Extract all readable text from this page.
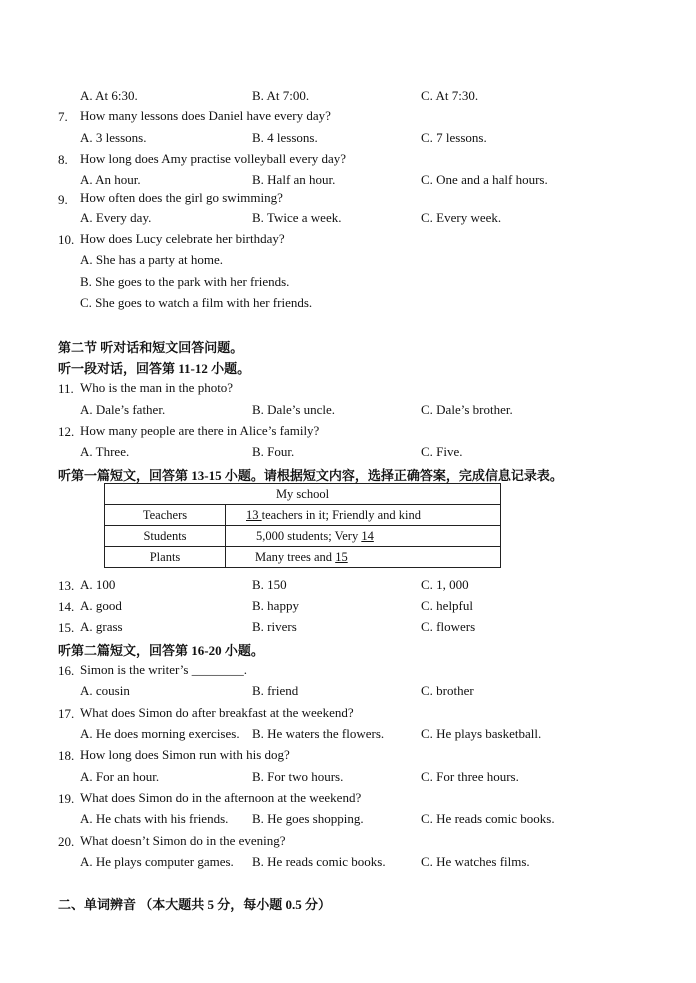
A. At 6:30.	B. At 7:00.	C. At 7:30.
7. How many lessons does Daniel have every day?
A. 3 lessons.	B. 4 lessons.	C. 7 lessons.
8. How long does Amy practise volleyball every day?
A. An hour.	B. Half an hour.	C. One and a half hours.
9. How often does the girl go swimming?
A. Every day.	B. Twice a week.	C. Every week.
10. How does Lucy celebrate her birthday?
A. She has a party at home.
B. She goes to the park with her friends.
C. She goes to watch a film with her friends.
第二节 听对话和短文回答问题。
听一段对话，回答第 11-12 小题。
11. Who is the man in the photo?
A. Dale’s father.	B. Dale’s uncle.	C. Dale’s brother.
12. How many people are there in Alice’s family?
A. Three.	B. Four.	C. Five.
听第一篇短文，回答第 13-15 小题。请根据短文内容，选择正确答案，完成信息记录表。
My school	
Teachers	13 teachers in it; Friendly and kind
Students	5,000 students; Very 14
Plants	Many trees and 15
13. A. 100	B. 150	C. 1, 000
14. A. good	B. happy	C. helpful
15. A. grass	B. rivers	C. flowers
听第二篇短文，回答第 16-20 小题。
16. Simon is the writer’s ________.
A. cousin	B. friend	C. brother
17. What does Simon do after breakfast at the weekend?
A. He does morning exercises. B. He waters the flowers.	C. He plays basketball.
18. How long does Simon run with his dog?
A. For an hour.	B. For two hours.	C. For three hours.
19. What does Simon do in the afternoon at the weekend?
A. He chats with his friends. B. He goes shopping.	C. He reads comic books.
20. What doesn’t Simon do in the evening?
A. He plays computer games. B. He reads comic books.	C. He watches films.
二、单词辨音 （本大题共 5 分，每小题 0.5 分）
